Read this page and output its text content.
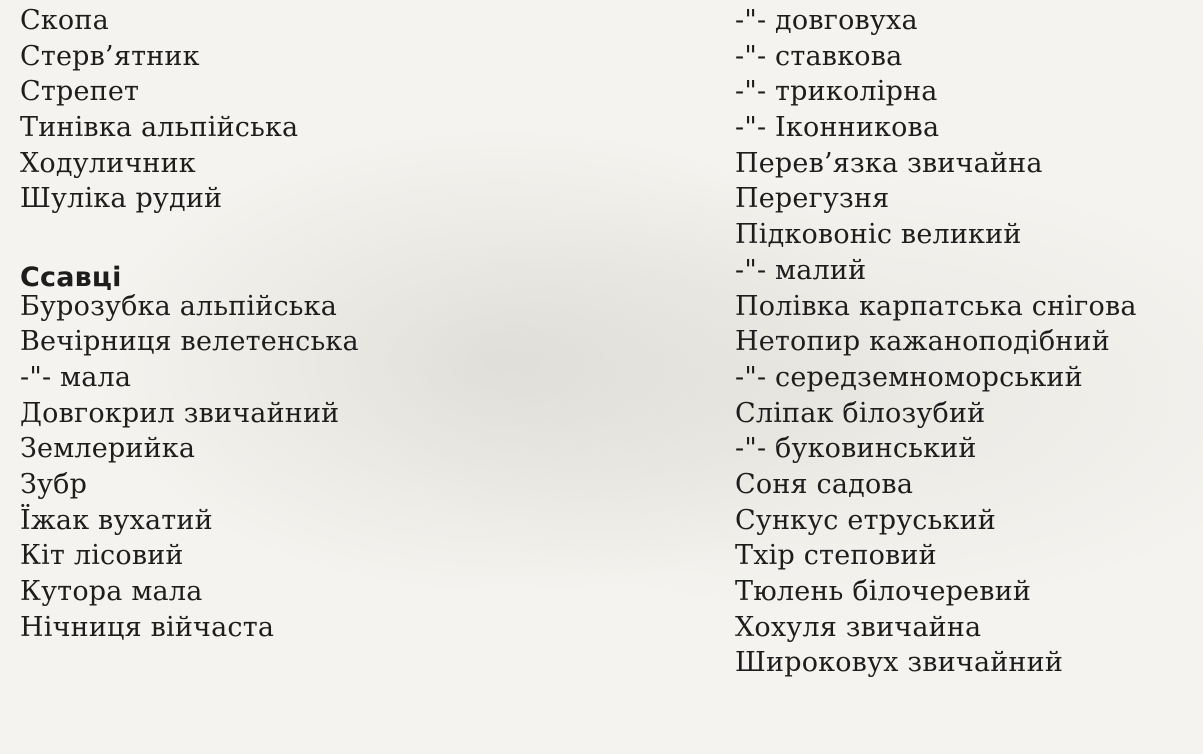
Скопа
Стерв’ятник
Стрепет
Тинівка альпійська
Ходуличник
Шуліка рудий
Ссавці
Бурозубка альпійська
Вечірниця велетенська
-"- мала
Довгокрил звичайний
Землерийка
Зубр
Їжак вухатий
Кіт лісовий
Кутора мала
Нічниця війчаста
-"- довговуха
-"- ставкова
-"- триколірна
-"- Іконникова
Перев’язка звичайна
Перегузня
Підковоніс великий
-"- малий
Полівка карпатська снігова
Нетопир кажаноподібний
-"- середземноморський
Сліпак білозубий
-"- буковинський
Соня садова
Сункус етруський
Тхір степовий
Тюлень білочеревий
Хохуля звичайна
Широковух звичайний
